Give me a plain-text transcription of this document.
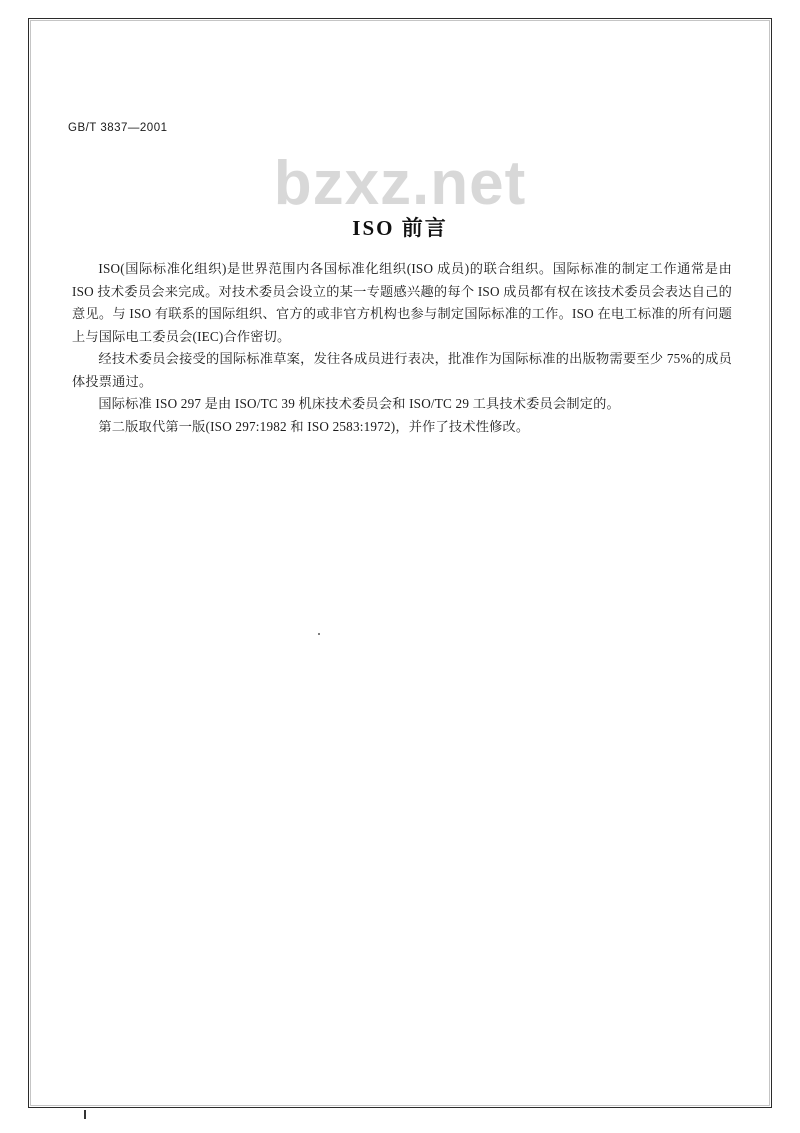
GB/T 3837—2001
bzxz.net
ISO 前言

ISO(国际标准化组织)是世界范围内各国标准化组织(ISO 成员)的联合组织。国际标准的制定工作通常是由 ISO 技术委员会来完成。对技术委员会设立的某一专题感兴趣的每个 ISO 成员都有权在该技术委员会表达自己的意见。与 ISO 有联系的国际组织、官方的或非官方机构也参与制定国际标准的工作。ISO 在电工标准的所有问题上与国际电工委员会(IEC)合作密切。

经技术委员会接受的国际标准草案，发往各成员进行表决，批准作为国际标准的出版物需要至少 75%的成员体投票通过。

国际标准 ISO 297 是由 ISO/TC 39 机床技术委员会和 ISO/TC 29 工具技术委员会制定的。

第二版取代第一版(ISO 297:1982 和 ISO 2583:1972)，并作了技术性修改。
